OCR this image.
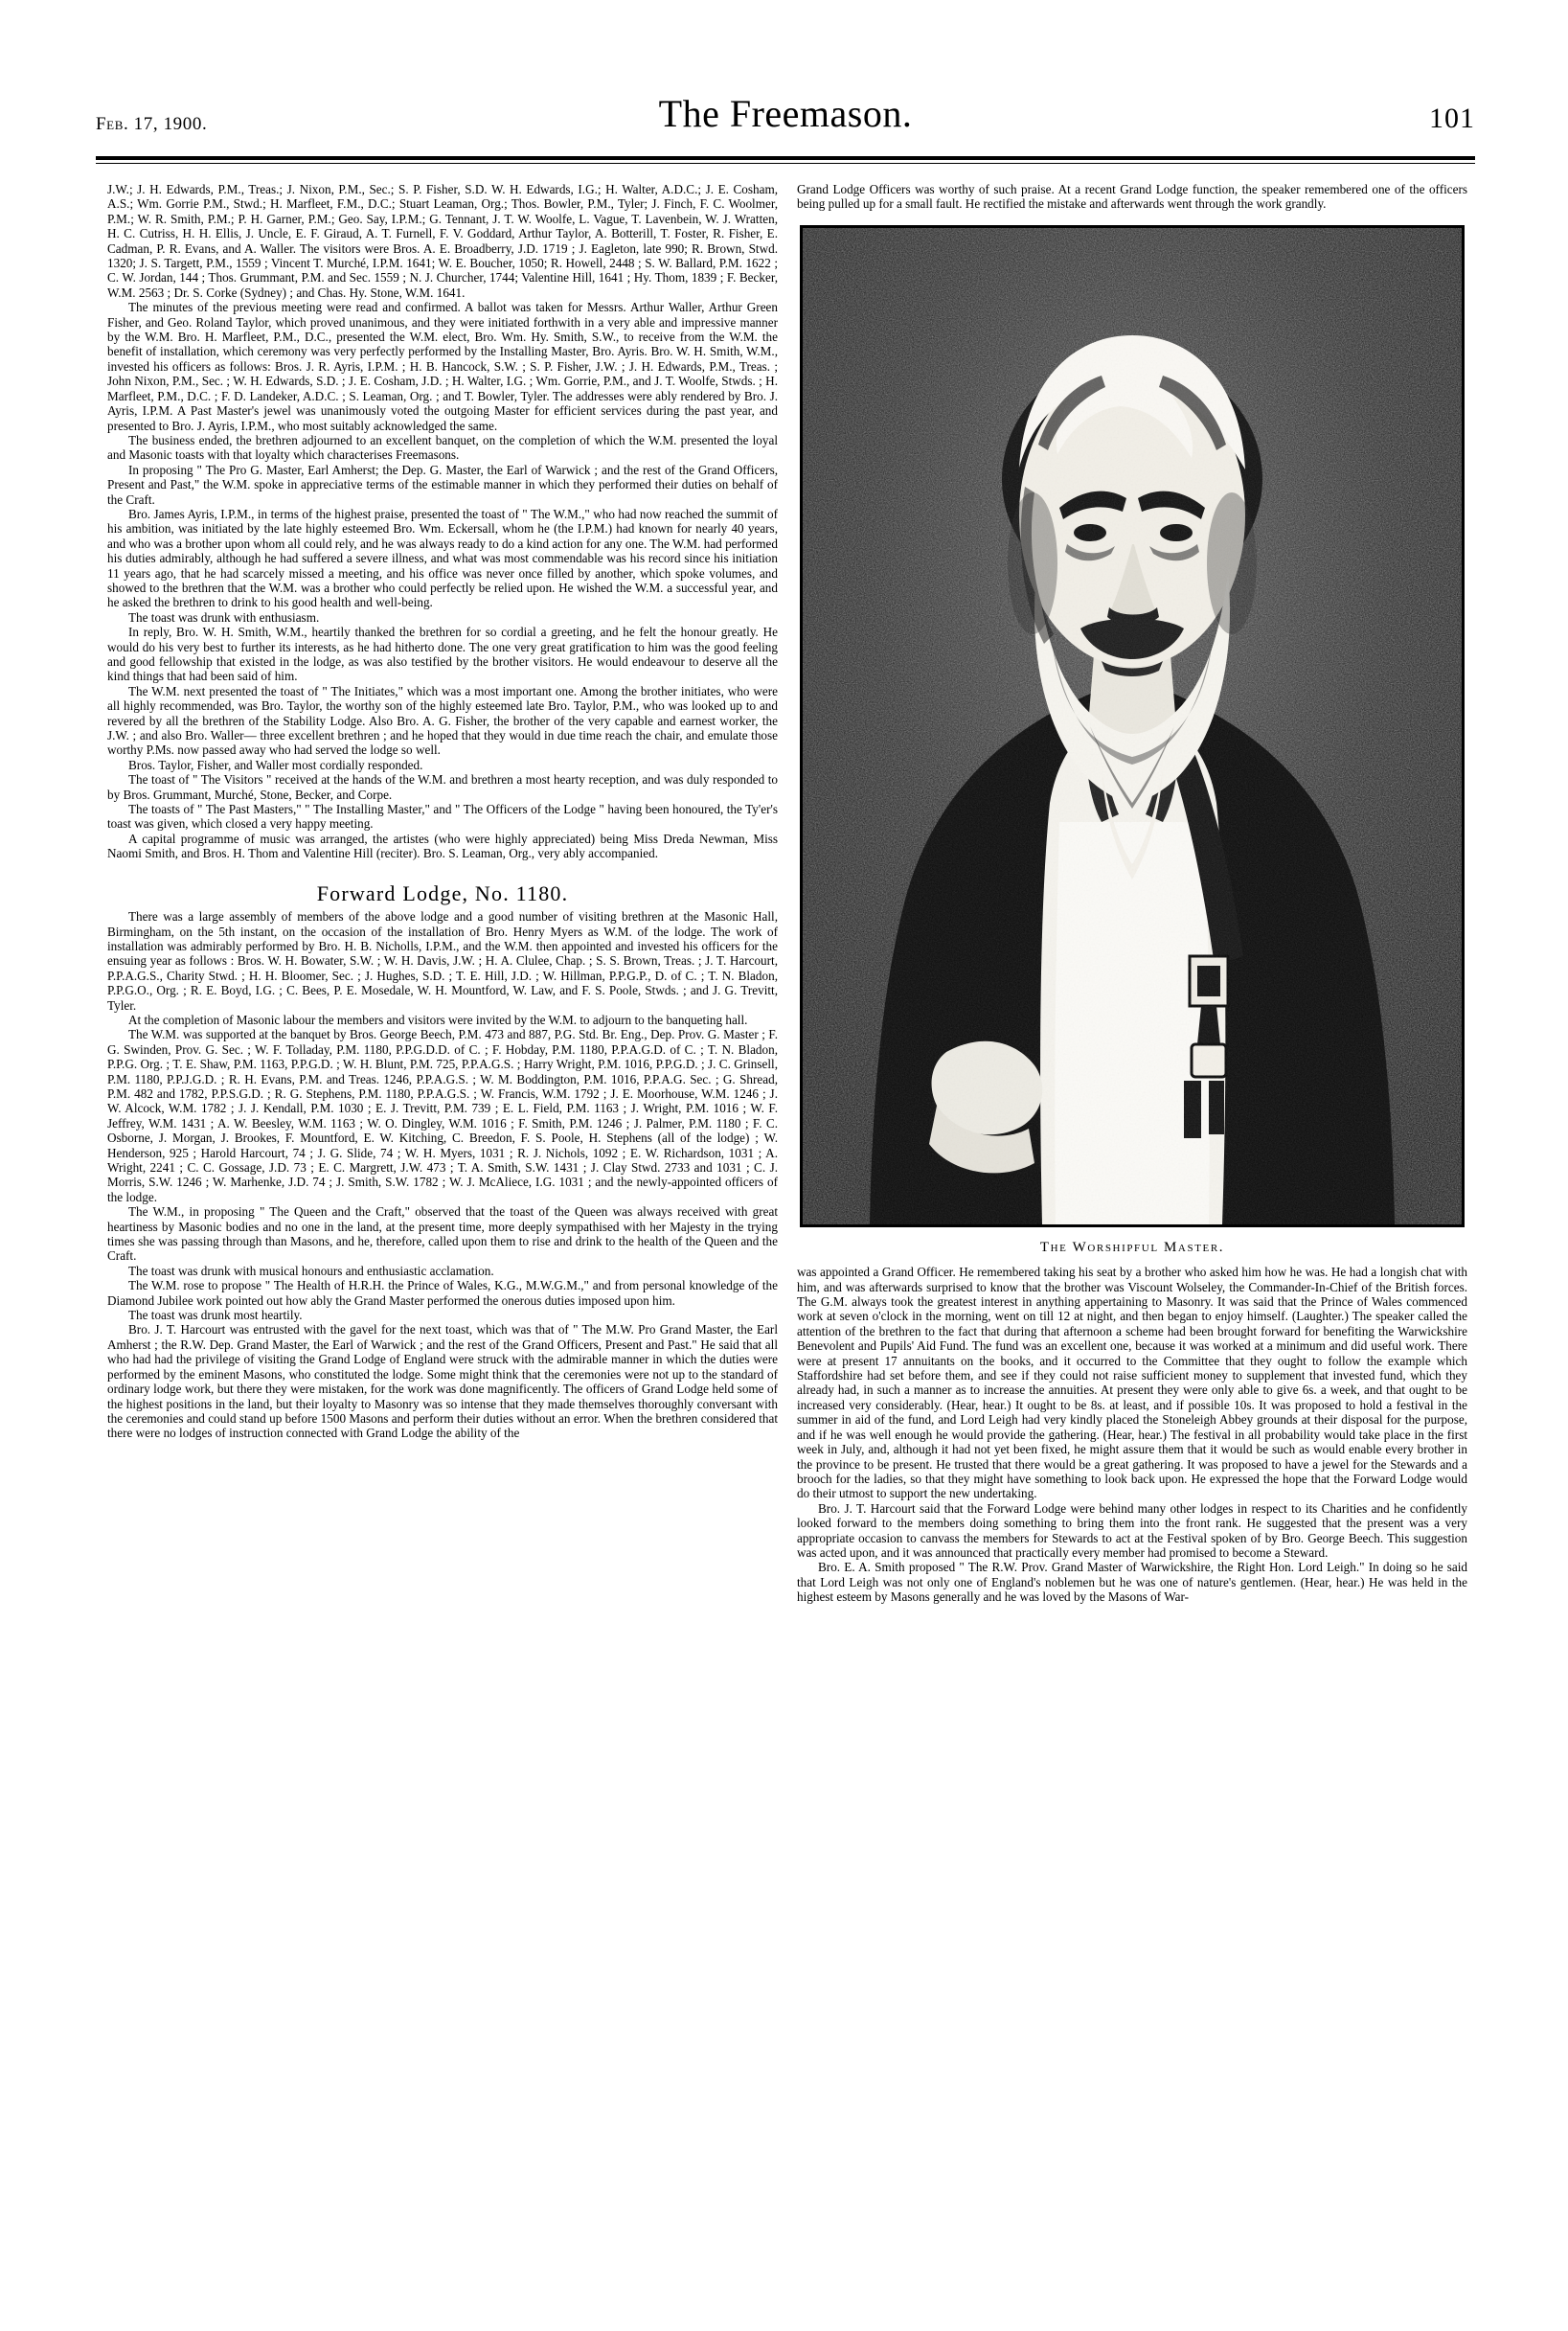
Feb. 17, 1900.	The Freemason.	101

J.W.; J. H. Edwards, P.M., Treas.; J. Nixon, P.M., Sec.; S. P. Fisher, S.D. W. H. Edwards, I.G.; H. Walter, A.D.C.; J. E. Cosham, A.S.; Wm. Gorrie P.M., Stwd.; H. Marfleet, F.M., D.C.; Stuart Leaman, Org.; Thos. Bowler, P.M., Tyler; J. Finch, F. C. Woolmer, P.M.; W. R. Smith, P.M.; P. H. Garner, P.M.; Geo. Say, I.P.M.; G. Tennant, J. T. W. Woolfe, L. Vague, T. Lavenbein, W. J. Wratten, H. C. Cutriss, H. H. Ellis, J. Uncle, E. F. Giraud, A. T. Furnell, F. V. Goddard, Arthur Taylor, A. Botterill, T. Foster, R. Fisher, E. Cadman, P. R. Evans, and A. Waller. The visitors were Bros. A. E. Broadberry, J.D. 1719 ; J. Eagleton, late 990; R. Brown, Stwd. 1320; J. S. Targett, P.M., 1559 ; Vincent T. Murché, I.P.M. 1641; W. E. Boucher, 1050; R. Howell, 2448 ; S. W. Ballard, P.M. 1622 ; C. W. Jordan, 144 ; Thos. Grummant, P.M. and Sec. 1559 ; N. J. Churcher, 1744; Valentine Hill, 1641 ; Hy. Thom, 1839 ; F. Becker, W.M. 2563 ; Dr. S. Corke (Sydney) ; and Chas. Hy. Stone, W.M. 1641.

The minutes of the previous meeting were read and confirmed. A ballot was taken for Messrs. Arthur Waller, Arthur Green Fisher, and Geo. Roland Taylor, which proved unanimous, and they were initiated forthwith in a very able and impressive manner by the W.M. Bro. H. Marfleet, P.M., D.C., presented the W.M. elect, Bro. Wm. Hy. Smith, S.W., to receive from the W.M. the benefit of installation, which ceremony was very perfectly performed by the Installing Master, Bro. Ayris. Bro. W. H. Smith, W.M., invested his officers as follows: Bros. J. R. Ayris, I.P.M. ; H. B. Hancock, S.W. ; S. P. Fisher, J.W. ; J. H. Edwards, P.M., Treas. ; John Nixon, P.M., Sec. ; W. H. Edwards, S.D. ; J. E. Cosham, J.D. ; H. Walter, I.G. ; Wm. Gorrie, P.M., and J. T. Woolfe, Stwds. ; H. Marfleet, P.M., D.C. ; F. D. Landeker, A.D.C. ; S. Leaman, Org. ; and T. Bowler, Tyler. The addresses were ably rendered by Bro. J. Ayris, I.P.M. A Past Master's jewel was unanimously voted the outgoing Master for efficient services during the past year, and presented to Bro. J. Ayris, I.P.M., who most suitably acknowledged the same.

The business ended, the brethren adjourned to an excellent banquet, on the completion of which the W.M. presented the loyal and Masonic toasts with that loyalty which characterises Freemasons.

In proposing " The Pro G. Master, Earl Amherst; the Dep. G. Master, the Earl of Warwick ; and the rest of the Grand Officers, Present and Past," the W.M. spoke in appreciative terms of the estimable manner in which they performed their duties on behalf of the Craft.

Bro. James Ayris, I.P.M., in terms of the highest praise, presented the toast of " The W.M.," who had now reached the summit of his ambition, was initiated by the late highly esteemed Bro. Wm. Eckersall, whom he (the I.P.M.) had known for nearly 40 years, and who was a brother upon whom all could rely, and he was always ready to do a kind action for any one. The W.M. had performed his duties admirably, although he had suffered a severe illness, and what was most commendable was his record since his initiation 11 years ago, that he had scarcely missed a meeting, and his office was never once filled by another, which spoke volumes, and showed to the brethren that the W.M. was a brother who could perfectly be relied upon. He wished the W.M. a successful year, and he asked the brethren to drink to his good health and well-being.

The toast was drunk with enthusiasm.

In reply, Bro. W. H. Smith, W.M., heartily thanked the brethren for so cordial a greeting, and he felt the honour greatly. He would do his very best to further its interests, as he had hitherto done. The one very great gratification to him was the good feeling and good fellowship that existed in the lodge, as was also testified by the brother visitors. He would endeavour to deserve all the kind things that had been said of him.

The W.M. next presented the toast of " The Initiates," which was a most important one. Among the brother initiates, who were all highly recommended, was Bro. Taylor, the worthy son of the highly esteemed late Bro. Taylor, P.M., who was looked up to and revered by all the brethren of the Stability Lodge. Also Bro. A. G. Fisher, the brother of the very capable and earnest worker, the J.W. ; and also Bro. Waller— three excellent brethren ; and he hoped that they would in due time reach the chair, and emulate those worthy P.Ms. now passed away who had served the lodge so well.

Bros. Taylor, Fisher, and Waller most cordially responded.

The toast of " The Visitors " received at the hands of the W.M. and brethren a most hearty reception, and was duly responded to by Bros. Grummant, Murché, Stone, Becker, and Corpe.

The toasts of " The Past Masters," " The Installing Master," and " The Officers of the Lodge " having been honoured, the Ty'er's toast was given, which closed a very happy meeting.

A capital programme of music was arranged, the artistes (who were highly appreciated) being Miss Dreda Newman, Miss Naomi Smith, and Bros. H. Thom and Valentine Hill (reciter). Bro. S. Leaman, Org., very ably accompanied.

Forward Lodge, No. 1180.

There was a large assembly of members of the above lodge and a good number of visiting brethren at the Masonic Hall, Birmingham, on the 5th instant, on the occasion of the installation of Bro. Henry Myers as W.M. of the lodge. The work of installation was admirably performed by Bro. H. B. Nicholls, I.P.M., and the W.M. then appointed and invested his officers for the ensuing year as follows : Bros. W. H. Bowater, S.W. ; W. H. Davis, J.W. ; H. A. Clulee, Chap. ; S. S. Brown, Treas. ; J. T. Harcourt, P.P.A.G.S., Charity Stwd. ; H. H. Bloomer, Sec. ; J. Hughes, S.D. ; T. E. Hill, J.D. ; W. Hillman, P.P.G.P., D. of C. ; T. N. Bladon, P.P.G.O., Org. ; R. E. Boyd, I.G. ; C. Bees, P. E. Mosedale, W. H. Mountford, W. Law, and F. S. Poole, Stwds. ; and J. G. Trevitt, Tyler.

At the completion of Masonic labour the members and visitors were invited by the W.M. to adjourn to the banqueting hall.

The W.M. was supported at the banquet by Bros. George Beech, P.M. 473 and 887, P.G. Std. Br. Eng., Dep. Prov. G. Master ; F. G. Swinden, Prov. G. Sec. ; W. F. Tolladay, P.M. 1180, P.P.G.D.D. of C. ; F. Hobday, P.M. 1180, P.P.A.G.D. of C. ; T. N. Bladon, P.P.G. Org. ; T. E. Shaw, P.M. 1163, P.P.G.D. ; W. H. Blunt, P.M. 725, P.P.A.G.S. ; Harry Wright, P.M. 1016, P.P.G.D. ; J. C. Grinsell, P.M. 1180, P.P.J.G.D. ; R. H. Evans, P.M. and Treas. 1246, P.P.A.G.S. ; W. M. Boddington, P.M. 1016, P.P.A.G. Sec. ; G. Shread, P.M. 482 and 1782, P.P.S.G.D. ; R. G. Stephens, P.M. 1180, P.P.A.G.S. ; W. Francis, W.M. 1792 ; J. E. Moorhouse, W.M. 1246 ; J. W. Alcock, W.M. 1782 ; J. J. Kendall, P.M. 1030 ; E. J. Trevitt, P.M. 739 ; E. L. Field, P.M. 1163 ; J. Wright, P.M. 1016 ; W. F. Jeffrey, W.M. 1431 ; A. W. Beesley, W.M. 1163 ; W. O. Dingley, W.M. 1016 ; F. Smith, P.M. 1246 ; J. Palmer, P.M. 1180 ; F. C. Osborne, J. Morgan, J. Brookes, F. Mountford, E. W. Kitching, C. Breedon, F. S. Poole, H. Stephens (all of the lodge) ; W. Henderson, 925 ; Harold Harcourt, 74 ; J. G. Slide, 74 ; W. H. Myers, 1031 ; R. J. Nichols, 1092 ; E. W. Richardson, 1031 ; A. Wright, 2241 ; C. C. Gossage, J.D. 73 ; E. C. Margrett, J.W. 473 ; T. A. Smith, S.W. 1431 ; J. Clay Stwd. 2733 and 1031 ; C. J. Morris, S.W. 1246 ; W. Marhenke, J.D. 74 ; J. Smith, S.W. 1782 ; W. J. McAliece, I.G. 1031 ; and the newly-appointed officers of the lodge.

The W.M., in proposing " The Queen and the Craft," observed that the toast of the Queen was always received with great heartiness by Masonic bodies and no one in the land, at the present time, more deeply sympathised with her Majesty in the trying times she was passing through than Masons, and he, therefore, called upon them to rise and drink to the health of the Queen and the Craft.

The toast was drunk with musical honours and enthusiastic acclamation.

The W.M. rose to propose " The Health of H.R.H. the Prince of Wales, K.G., M.W.G.M.," and from personal knowledge of the Diamond Jubilee work pointed out how ably the Grand Master performed the onerous duties imposed upon him.

The toast was drunk most heartily.

Bro. J. T. Harcourt was entrusted with the gavel for the next toast, which was that of " The M.W. Pro Grand Master, the Earl Amherst ; the R.W. Dep. Grand Master, the Earl of Warwick ; and the rest of the Grand Officers, Present and Past." He said that all who had had the privilege of visiting the Grand Lodge of England were struck with the admirable manner in which the duties were performed by the eminent Masons, who constituted the lodge. Some might think that the ceremonies were not up to the standard of ordinary lodge work, but there they were mistaken, for the work was done magnificently. The officers of Grand Lodge held some of the highest positions in the land, but their loyalty to Masonry was so intense that they made themselves thoroughly conversant with the ceremonies and could stand up before 1500 Masons and perform their duties without an error. When the brethren considered that there were no lodges of instruction connected with Grand Lodge the ability of the

Grand Lodge Officers was worthy of such praise. At a recent Grand Lodge function, the speaker remembered one of the officers being pulled up for a small fault. He rectified the mistake and afterwards went through the work grandly.

The Worshipful Master.

was appointed a Grand Officer. He remembered taking his seat by a brother who asked him how he was. He had a longish chat with him, and was afterwards surprised to know that the brother was Viscount Wolseley, the Commander-In-Chief of the British forces. The G.M. always took the greatest interest in anything appertaining to Masonry. It was said that the Prince of Wales commenced work at seven o'clock in the morning, went on till 12 at night, and then began to enjoy himself. (Laughter.) The speaker called the attention of the brethren to the fact that during that afternoon a scheme had been brought forward for benefiting the Warwickshire Benevolent and Pupils' Aid Fund. The fund was an excellent one, because it was worked at a minimum and did useful work. There were at present 17 annuitants on the books, and it occurred to the Committee that they ought to follow the example which Staffordshire had set before them, and see if they could not raise sufficient money to supplement that invested fund, which they already had, in such a manner as to increase the annuities. At present they were only able to give 6s. a week, and that ought to be increased very considerably. (Hear, hear.) It ought to be 8s. at least, and if possible 10s. It was proposed to hold a festival in the summer in aid of the fund, and Lord Leigh had very kindly placed the Stoneleigh Abbey grounds at their disposal for the purpose, and if he was well enough he would provide the gathering. (Hear, hear.) The festival in all probability would take place in the first week in July, and, although it had not yet been fixed, he might assure them that it would be such as would enable every brother in the province to be present. He trusted that there would be a great gathering. It was proposed to have a jewel for the Stewards and a brooch for the ladies, so that they might have something to look back upon. He expressed the hope that the Forward Lodge would do their utmost to support the new undertaking.

Bro. J. T. Harcourt said that the Forward Lodge were behind many other lodges in respect to its Charities and he confidently looked forward to the members doing something to bring them into the front rank. He suggested that the present was a very appropriate occasion to canvass the members for Stewards to act at the Festival spoken of by Bro. George Beech. This suggestion was acted upon, and it was announced that practically every member had promised to become a Steward.

Bro. E. A. Smith proposed " The R.W. Prov. Grand Master of Warwickshire, the Right Hon. Lord Leigh." In doing so he said that Lord Leigh was not only one of England's noblemen but he was one of nature's gentlemen. (Hear, hear.) He was held in the highest esteem by Masons generally and he was loved by the Masons of War-
